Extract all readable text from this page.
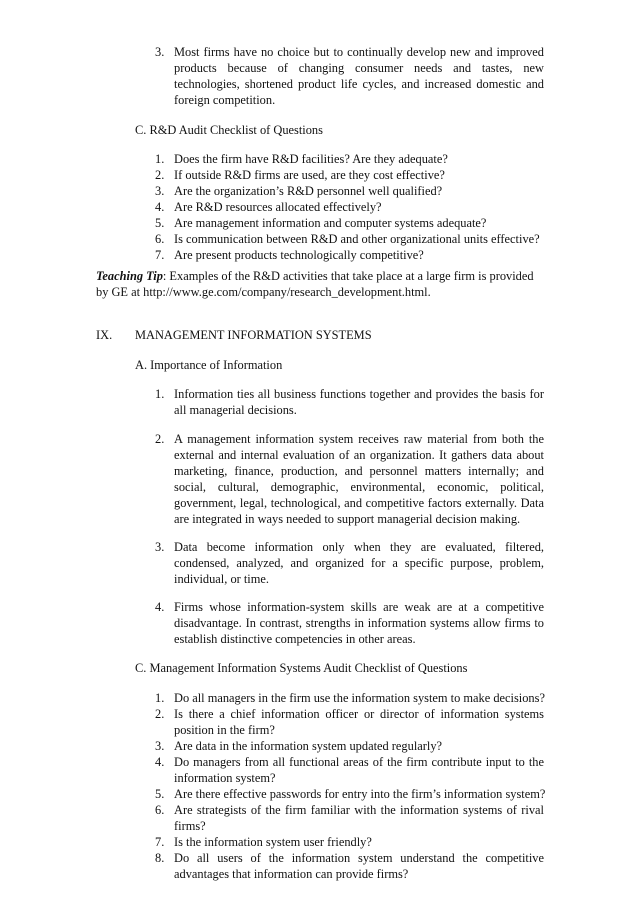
3. Most firms have no choice but to continually develop new and improved
products because of changing consumer needs and tastes, new
technologies, shortened product life cycles, and increased domestic and
foreign competition.
C. R&D Audit Checklist of Questions
1. Does the firm have R&D facilities? Are they adequate?
2. If outside R&D firms are used, are they cost effective?
3. Are the organization’s R&D personnel well qualified?
4. Are R&D resources allocated effectively?
5. Are management information and computer systems adequate?
6. Is communication between R&D and other organizational units effective?
7. Are present products technologically competitive?
Teaching Tip: Examples of the R&D activities that take place at a large firm is provided
by GE at http://www.ge.com/company/research_development.html.
IX. MANAGEMENT INFORMATION SYSTEMS
A. Importance of Information
1. Information ties all business functions together and provides the basis for
all managerial decisions.
2. A management information system receives raw material from both the
external and internal evaluation of an organization. It gathers data about
marketing, finance, production, and personnel matters internally; and
social, cultural, demographic, environmental, economic, political,
government, legal, technological, and competitive factors externally. Data
are integrated in ways needed to support managerial decision making.
3. Data become information only when they are evaluated, filtered,
condensed, analyzed, and organized for a specific purpose, problem,
individual, or time.
4. Firms whose information-system skills are weak are at a competitive
disadvantage. In contrast, strengths in information systems allow firms to
establish distinctive competencies in other areas.
C. Management Information Systems Audit Checklist of Questions
1. Do all managers in the firm use the information system to make decisions?
2. Is there a chief information officer or director of information systems
position in the firm?
3. Are data in the information system updated regularly?
4. Do managers from all functional areas of the firm contribute input to the
information system?
5. Are there effective passwords for entry into the firm’s information system?
6. Are strategists of the firm familiar with the information systems of rival
firms?
7. Is the information system user friendly?
8. Do all users of the information system understand the competitive
advantages that information can provide firms?
